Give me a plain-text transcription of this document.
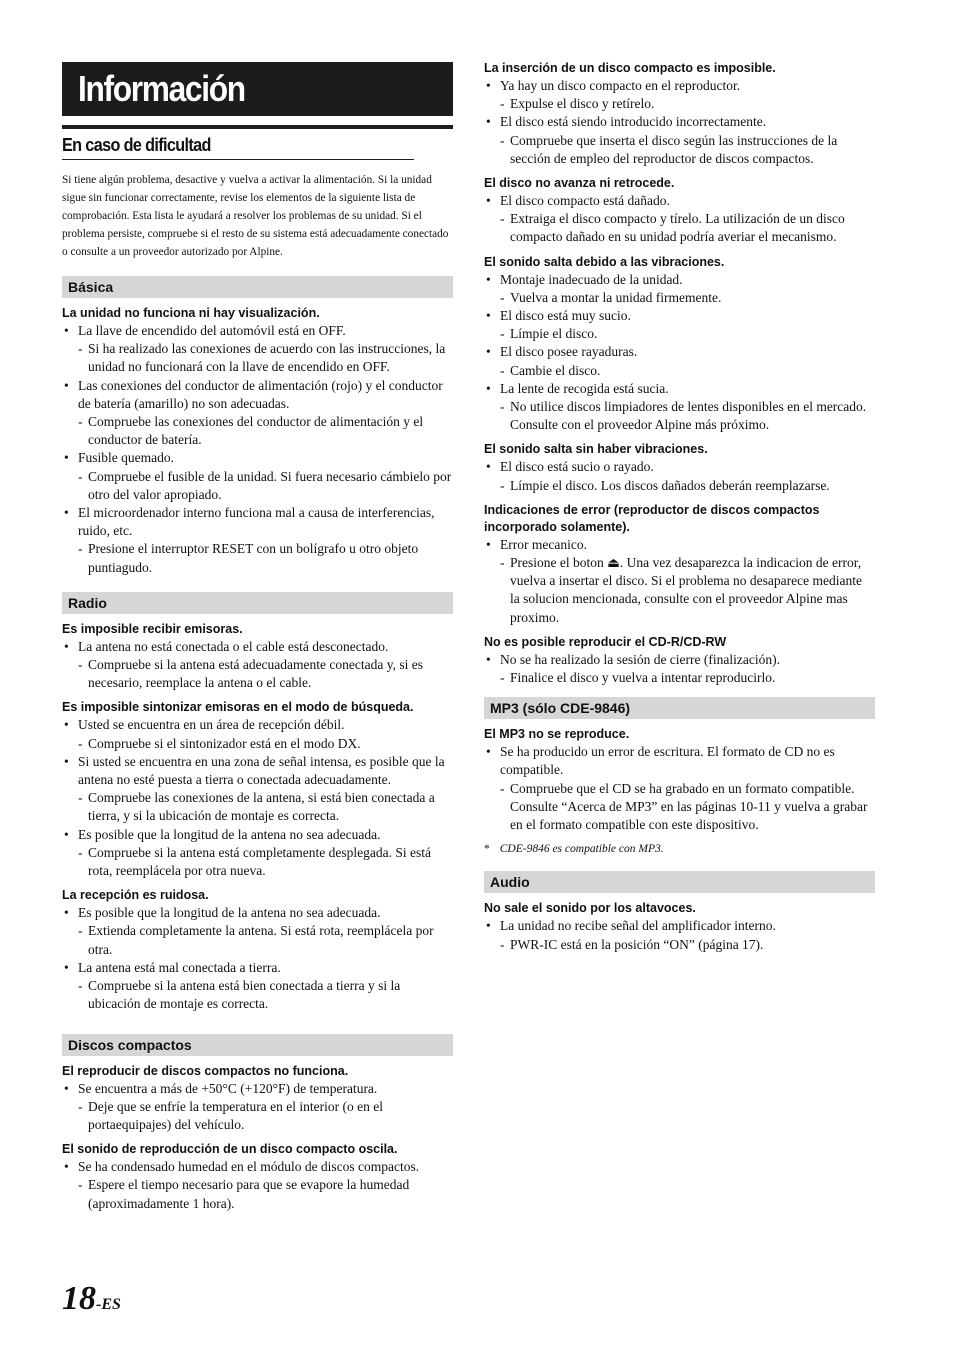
Información
En caso de dificultad
Si tiene algún problema, desactive y vuelva a activar la alimentación. Si la unidad sigue sin funcionar correctamente, revise los elementos de la siguiente lista de comprobación. Esta lista le ayudará a resolver los problemas de su unidad. Si el problema persiste, compruebe si el resto de su sistema está adecuadamente conectado o consulte a un proveedor autorizado por Alpine.
Básica
La unidad no funciona ni hay visualización.
• La llave de encendido del automóvil está en OFF.
- Si ha realizado las conexiones de acuerdo con las instrucciones, la unidad no funcionará con la llave de encendido en OFF.
• Las conexiones del conductor de alimentación (rojo) y el conductor de batería (amarillo) no son adecuadas.
- Compruebe las conexiones del conductor de alimentación y el conductor de batería.
• Fusible quemado.
- Compruebe el fusible de la unidad. Si fuera necesario cámbielo por otro del valor apropiado.
• El microordenador interno funciona mal a causa de interferencias, ruido, etc.
- Presione el interruptor RESET con un bolígrafo u otro objeto puntiagudo.
Radio
Es imposible recibir emisoras.
• La antena no está conectada o el cable está desconectado.
- Compruebe si la antena está adecuadamente conectada y, si es necesario, reemplace la antena o el cable.
Es imposible sintonizar emisoras en el modo de búsqueda.
• Usted se encuentra en un área de recepción débil.
- Compruebe si el sintonizador está en el modo DX.
• Si usted se encuentra en una zona de señal intensa, es posible que la antena no esté puesta a tierra o conectada adecuadamente.
- Compruebe las conexiones de la antena, si está bien conectada a tierra, y si la ubicación de montaje es correcta.
• Es posible que la longitud de la antena no sea adecuada.
- Compruebe si la antena está completamente desplegada. Si está rota, reemplácela por otra nueva.
La recepción es ruidosa.
• Es posible que la longitud de la antena no sea adecuada.
- Extienda completamente la antena. Si está rota, reemplácela por otra.
• La antena está mal conectada a tierra.
- Compruebe si la antena está bien conectada a tierra y si la ubicación de montaje es correcta.
Discos compactos
El reproducir de discos compactos no funciona.
• Se encuentra a más de +50°C (+120°F) de temperatura.
- Deje que se enfríe la temperatura en el interior (o en el portaequipajes) del vehículo.
El sonido de reproducción de un disco compacto oscila.
• Se ha condensado humedad en el módulo de discos compactos.
- Espere el tiempo necesario para que se evapore la humedad (aproximadamente 1 hora).
La inserción de un disco compacto es imposible.
• Ya hay un disco compacto en el reproductor.
- Expulse el disco y retírelo.
• El disco está siendo introducido incorrectamente.
- Compruebe que inserta el disco según las instrucciones de la sección de empleo del reproductor de discos compactos.
El disco no avanza ni retrocede.
• El disco compacto está dañado.
- Extraiga el disco compacto y tírelo. La utilización de un disco compacto dañado en su unidad podría averiar el mecanismo.
El sonido salta debido a las vibraciones.
• Montaje inadecuado de la unidad.
- Vuelva a montar la unidad firmemente.
• El disco está muy sucio.
- Límpie el disco.
• El disco posee rayaduras.
- Cambie el disco.
• La lente de recogida está sucia.
- No utilice discos limpiadores de lentes disponibles en el mercado. Consulte con el proveedor Alpine más próximo.
El sonido salta sin haber vibraciones.
• El disco está sucio o rayado.
- Límpie el disco. Los discos dañados deberán reemplazarse.
Indicaciones de error (reproductor de discos compactos incorporado solamente).
• Error mecanico.
- Presione el boton ⏏. Una vez desaparezca la indicacion de error, vuelva a insertar el disco. Si el problema no desaparece mediante la solucion mencionada, consulte con el proveedor Alpine mas proximo.
No es posible reproducir el CD-R/CD-RW
• No se ha realizado la sesión de cierre (finalización).
- Finalice el disco y vuelva a intentar reproducirlo.
MP3 (sólo CDE-9846)
El MP3 no se reproduce.
• Se ha producido un error de escritura. El formato de CD no es compatible.
- Compruebe que el CD se ha grabado en un formato compatible. Consulte “Acerca de MP3” en las páginas 10-11 y vuelva a grabar en el formato compatible con este dispositivo.
* CDE-9846 es compatible con MP3.
Audio
No sale el sonido por los altavoces.
• La unidad no recibe señal del amplificador interno.
- PWR-IC está en la posición “ON” (página 17).
18-ES
